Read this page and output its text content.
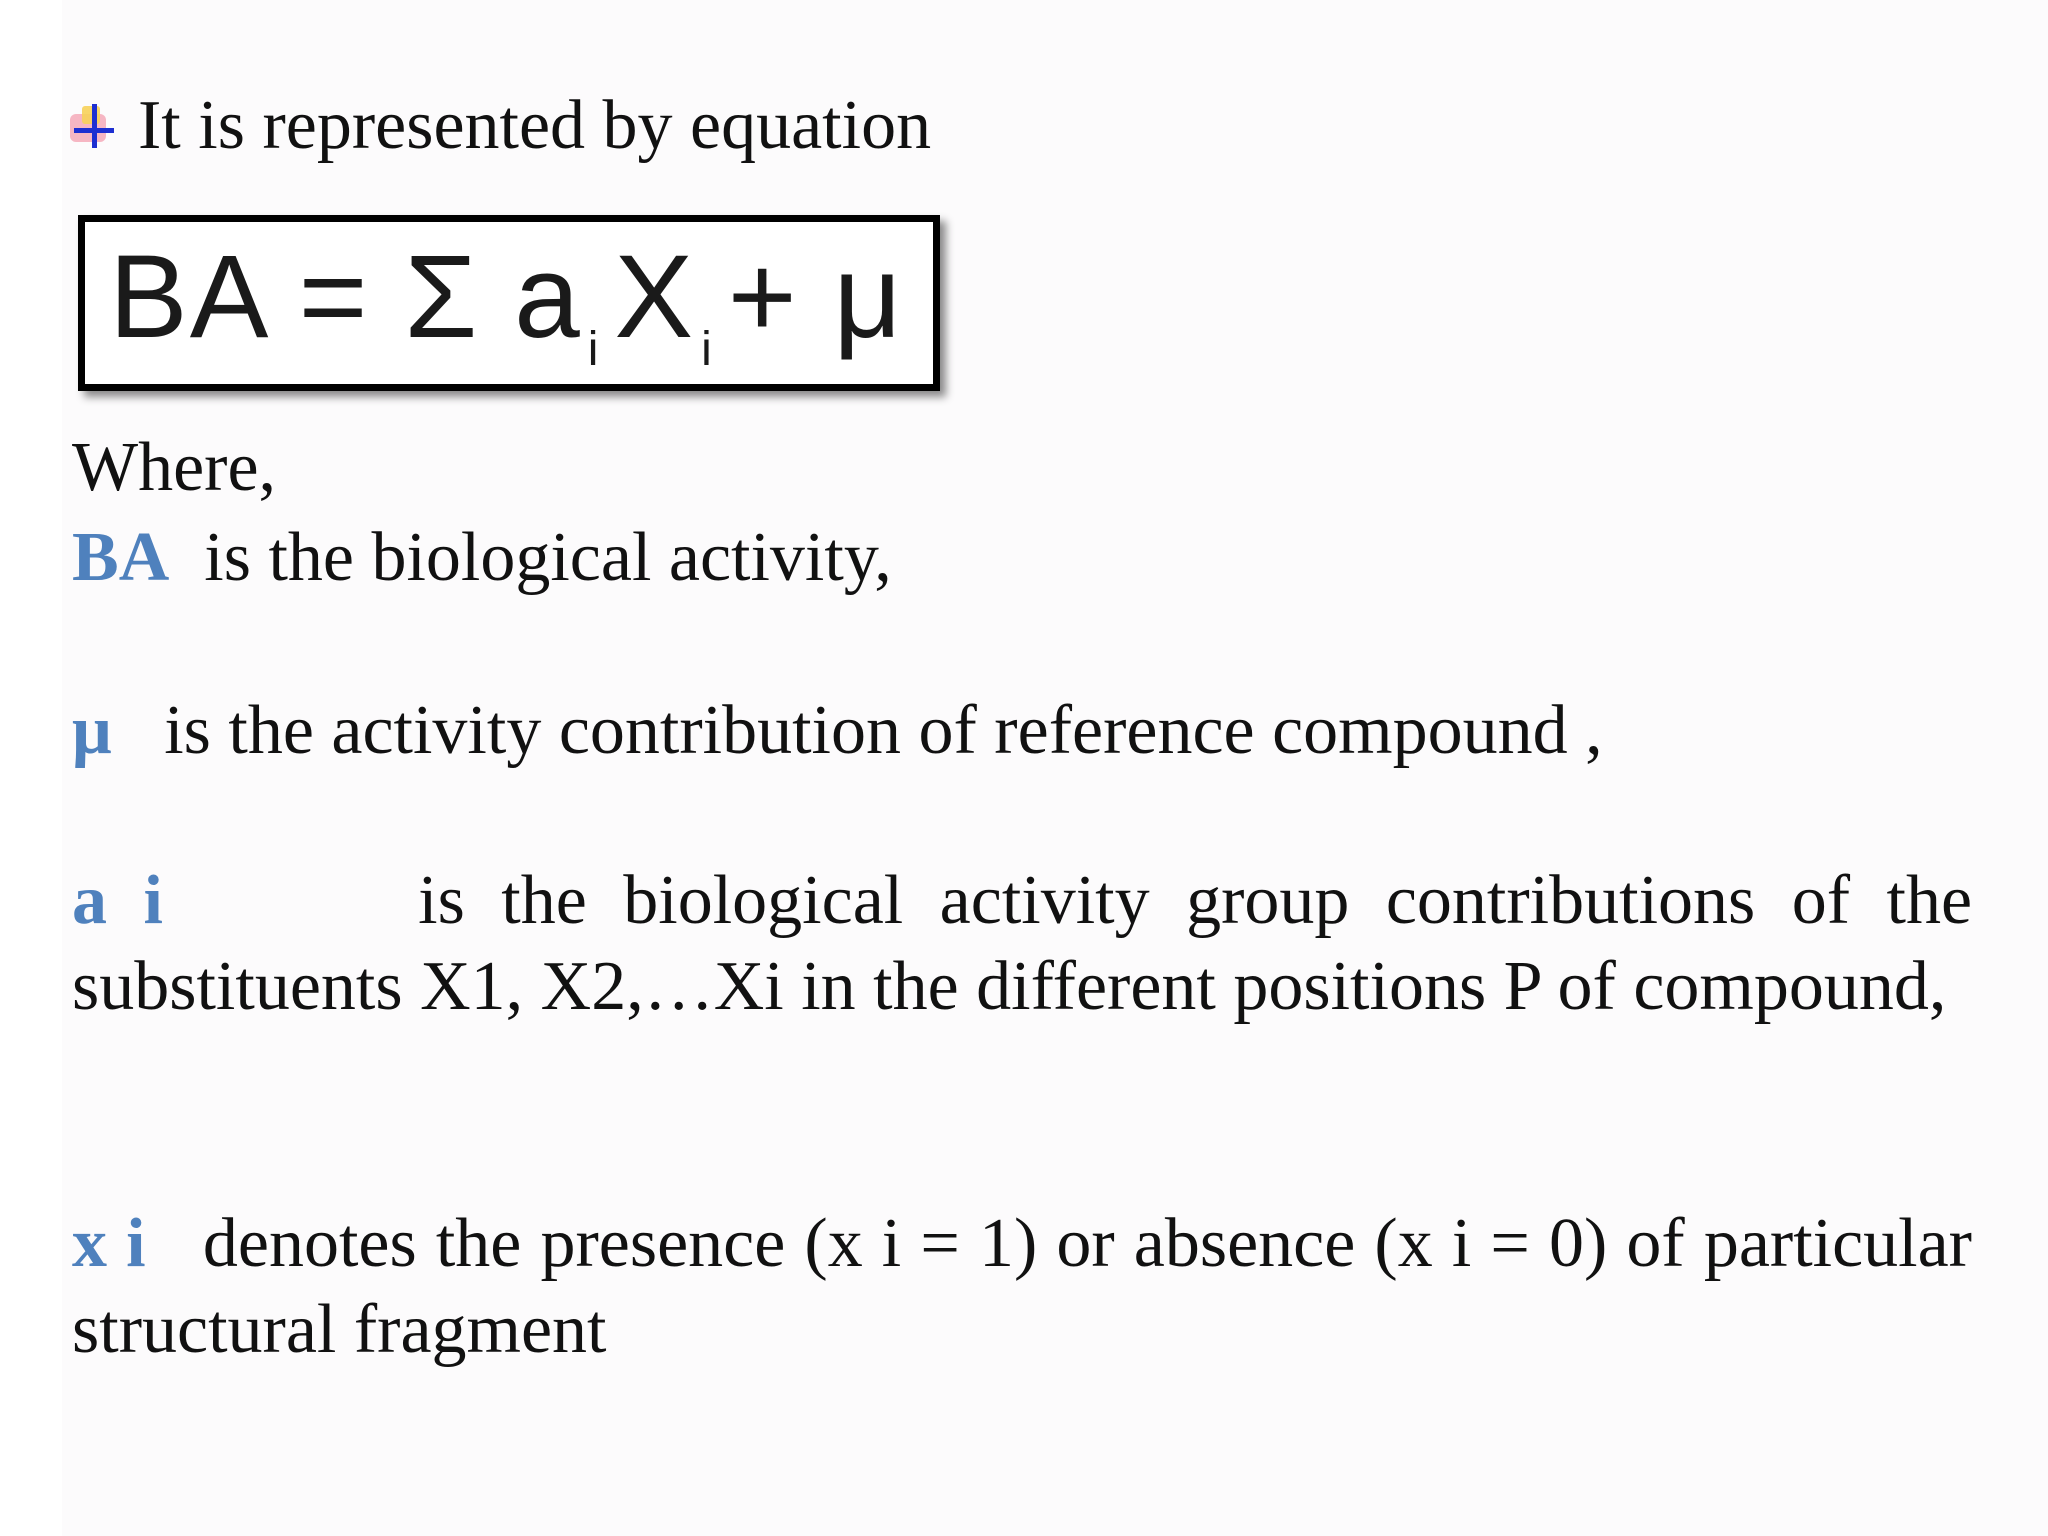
It is represented by equation
BA = Σ a $_i$ X $_i$ + μ
Where,
BA is the biological activity,
μ is the activity contribution of reference compound ,
a i	is the biological activity group contributions of the substituents X1, X2,…Xi in the different positions P of compound,
x i denotes the presence (x i = 1) or absence (x i = 0) of particular structural fragment
